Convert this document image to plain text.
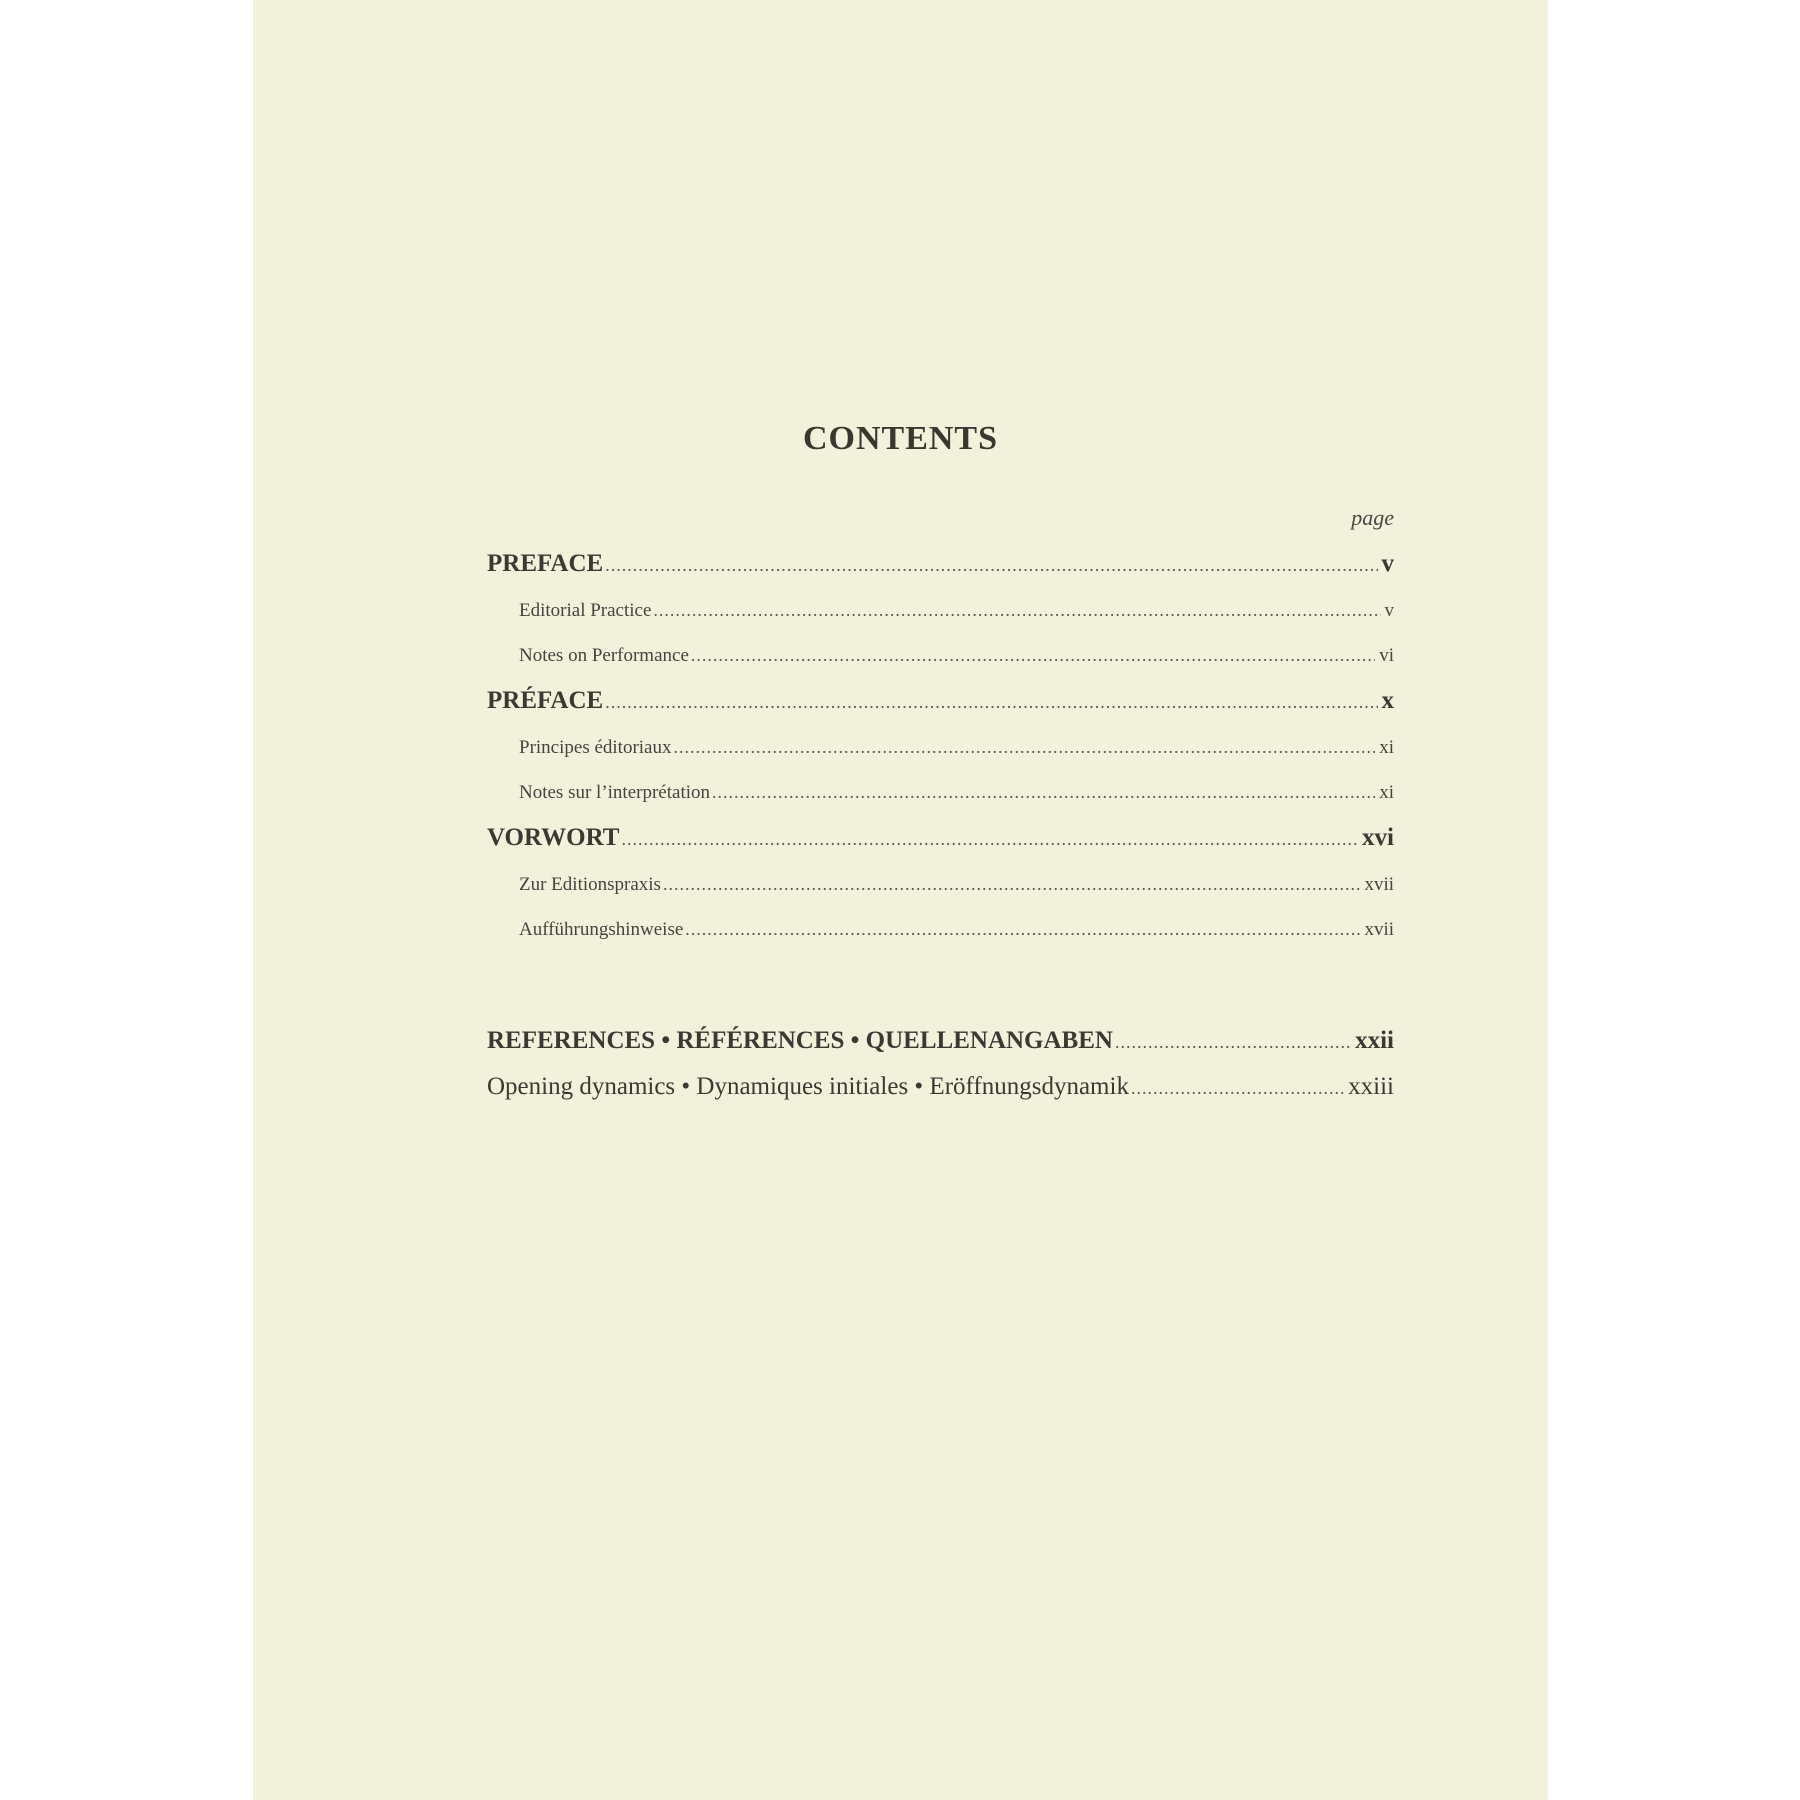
CONTENTS
page
PREFACE .....	v
Editorial Practice .....	v
Notes on Performance .....	vi
PRÉFACE .....	x
Principes éditoriaux .....	xi
Notes sur l’interprétation .....	xi
VORWORT .....	xvi
Zur Editionspraxis .....	xvii
Aufführungshinweise .....	xvii
REFERENCES • RÉFÉRENCES • QUELLENANGABEN .....	xxii
Opening dynamics • Dynamiques initiales • Eröffnungsdynamik .....	xxiii
